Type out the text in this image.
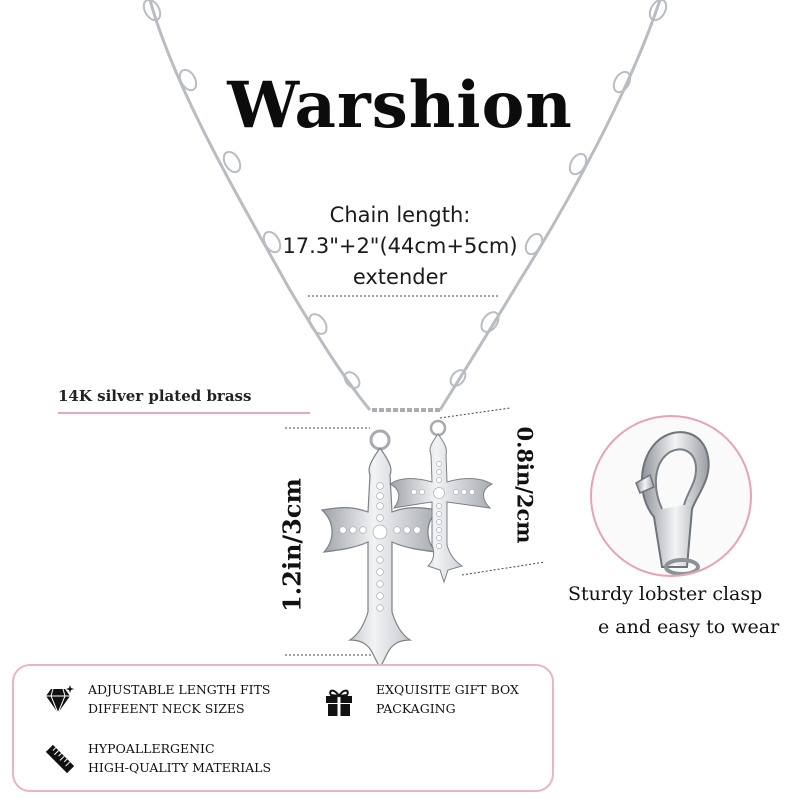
Warshion
Chain length:
17.3"+2"(44cm+5cm)
extender
14K silver plated brass
1.2in/3cm	0.8in/2cm
Sturdy lobster clasp
e and easy to wear
ADJUSTABLE LENGTH FITS
DIFFEENT NECK SIZES
EXQUISITE GIFT BOX
PACKAGING
HYPOALLERGENIC
HIGH-QUALITY MATERIALS
